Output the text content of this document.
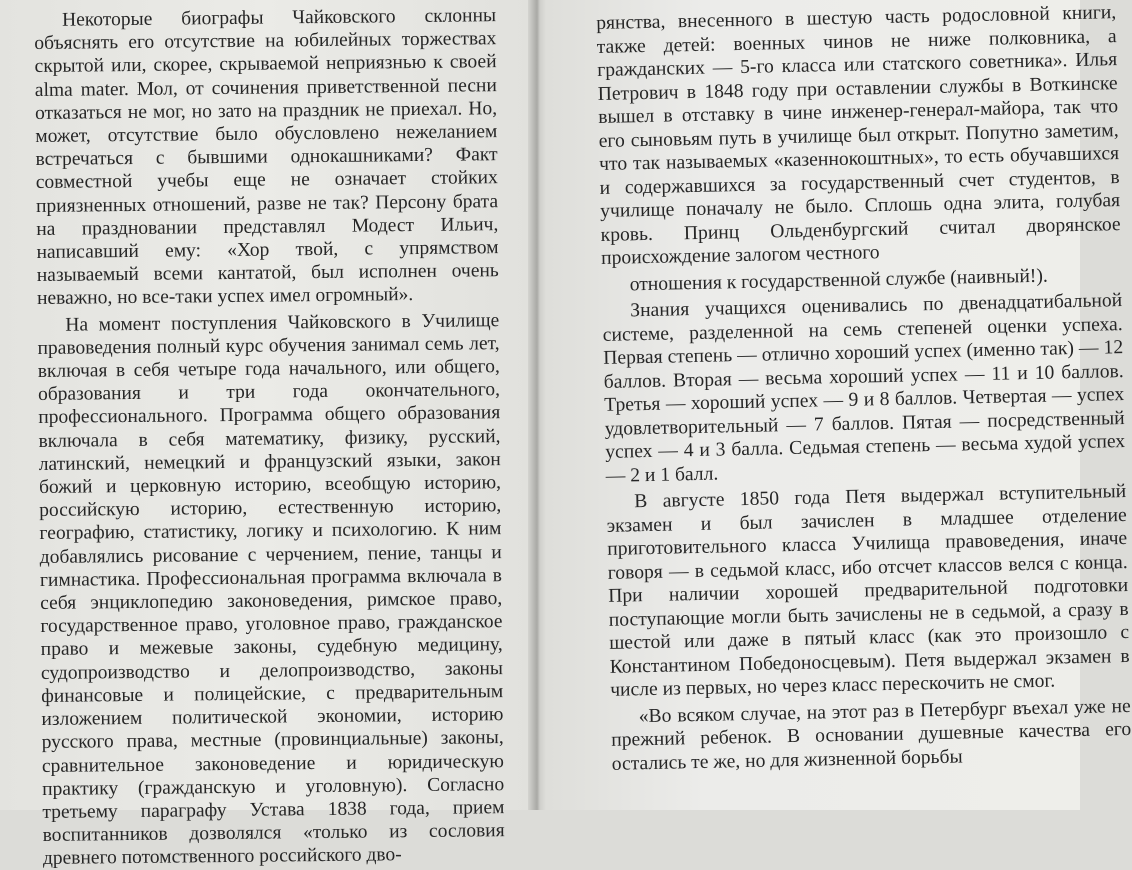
Некоторые биографы Чайковского склонны объяснять его отсутствие на юбилейных торжествах скрытой или, скорее, скрываемой неприязнью к своей alma mater. Мол, от сочинения приветственной песни отказаться не мог, но зато на праздник не приехал. Но, может, отсутствие было обусловлено нежеланием встречаться с бывшими однокашниками? Факт совместной учебы еще не означает стойких приязненных отношений, разве не так? Персону брата на праздновании представлял Модест Ильич, написавший ему: «Хор твой, с упрямством называемый всеми кантатой, был исполнен очень неважно, но все-таки успех имел огромный».

На момент поступления Чайковского в Училище правоведения полный курс обучения занимал семь лет, включая в себя четыре года начального, или общего, образования и три года окончательного, профессионального. Программа общего образования включала в себя математику, физику, русский, латинский, немецкий и французский языки, закон божий и церковную историю, всеобщую историю, российскую историю, естественную историю, географию, статистику, логику и психологию. К ним добавлялись рисование с черчением, пение, танцы и гимнастика. Профессиональная программа включала в себя энциклопедию законоведения, римское право, государственное право, уголовное право, гражданское право и межевые законы, судебную медицину, судопроизводство и делопроизводство, законы финансовые и полицейские, с предварительным изложением политической экономии, историю русского права, местные (провинциальные) законы, сравнительное законоведение и юридическую практику (гражданскую и уголовную). Согласно третьему параграфу Устава 1838 года, прием воспитанников дозволялся «только из сословия древнего потомственного российского дво-

рянства, внесенного в шестую часть родословной книги, также детей: военных чинов не ниже полковника, а гражданских — 5-го класса или статского советника». Илья Петрович в 1848 году при оставлении службы в Воткинске вышел в отставку в чине инженер-генерал-майора, так что его сыновьям путь в училище был открыт. Попутно заметим, что так называемых «казеннокоштных», то есть обучавшихся и содержавшихся за государственный счет студентов, в училище поначалу не было. Сплошь одна элита, голубая кровь. Принц Ольденбургский считал дворянское происхождение залогом честного

отношения к государственной службе (наивный!).

Знания учащихся оценивались по двенадцатибальной системе, разделенной на семь степеней оценки успеха. Первая степень — отлично хороший успех (именно так) — 12 баллов. Вторая — весьма хороший успех — 11 и 10 баллов. Третья — хороший успех — 9 и 8 баллов. Четвертая — успех удовлетворительный — 7 баллов. Пятая — посредственный успех — 4 и 3 балла. Седьмая степень — весьма худой успех — 2 и 1 балл.

В августе 1850 года Петя выдержал вступительный экзамен и был зачислен в младшее отделение приготовительного класса Училища правоведения, иначе говоря — в седьмой класс, ибо отсчет классов велся с конца. При наличии хорошей предварительной подготовки поступающие могли быть зачислены не в седьмой, а сразу в шестой или даже в пятый класс (как это произошло с Константином Победоносцевым). Петя выдержал экзамен в числе из первых, но через класс перескочить не смог.

«Во всяком случае, на этот раз в Петербург въехал уже не прежний ребенок. В основании душевные качества его остались те же, но для жизненной борьбы
